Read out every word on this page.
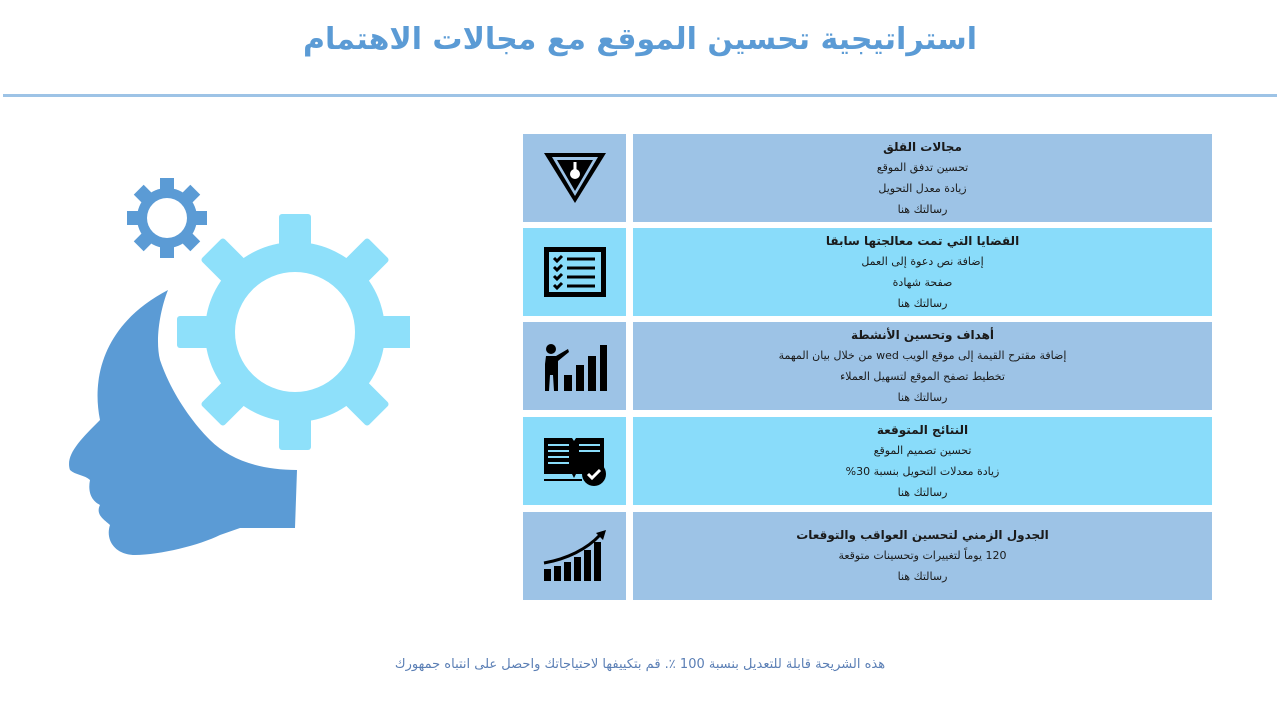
استراتيجية تحسين الموقع مع مجالات الاهتمام
مجالات القلق
تحسين تدفق الموقع
زيادة معدل التحويل
رسالتك هنا
القضايا التي تمت معالجتها سابقا
إضافة نص دعوة إلى العمل
صفحة شهادة
رسالتك هنا
أهداف وتحسين الأنشطة
إضافة مقترح القيمة إلى موقع الويب wed من خلال بيان المهمة
تخطيط تصفح الموقع لتسهيل العملاء
رسالتك هنا
النتائج المتوقعة
تحسين تصميم الموقع
زيادة معدلات التحويل بنسبة 30%
رسالتك هنا
الجدول الزمني لتحسين العواقب والتوقعات
120 يوماً لتغييرات وتحسينات متوقعة
رسالتك هنا
هذه الشريحة قابلة للتعديل بنسبة 100 ٪. قم بتكييفها لاحتياجاتك واحصل على انتباه جمهورك
